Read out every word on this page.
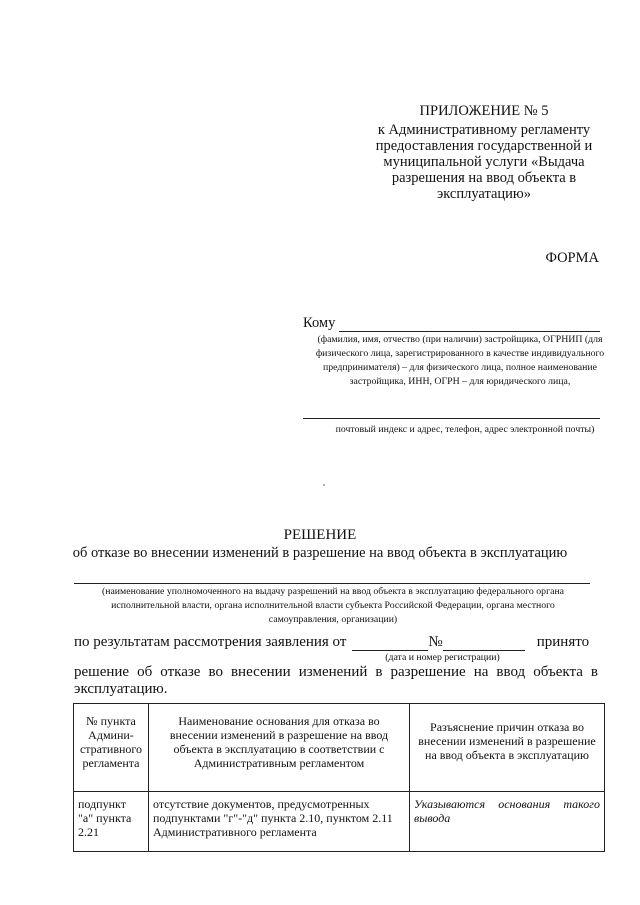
ПРИЛОЖЕНИЕ № 5
к Административному регламенту
предоставления государственной и
муниципальной услуги «Выдача
разрешения на ввод объекта в
эксплуатацию»
ФОРМА
Кому
(фамилия, имя, отчество (при наличии) застройщика, ОГРНИП (для физического лица, зарегистрированного в качестве индивидуального предпринимателя) – для физического лица, полное наименование застройщика, ИНН, ОГРН – для юридического лица,
почтовый индекс и адрес, телефон, адрес электронной почты)
РЕШЕНИЕ
об отказе во внесении изменений в разрешение на ввод объекта в эксплуатацию
(наименование уполномоченного на выдачу разрешений на ввод объекта в эксплуатацию федерального органа исполнительной власти, органа исполнительной власти субъекта Российской Федерации, органа местного самоуправления, организации)
по результатам рассмотрения заявления от	№	принято
(дата и номер регистрации)
решение об отказе во внесении изменений в разрешение на ввод объекта в эксплуатацию.
№ пункта Админи-стративного регламента	Наименование основания для отказа во внесении изменений в разрешение на ввод объекта в эксплуатацию в соответствии с Административным регламентом	Разъяснение причин отказа во внесении изменений в разрешение на ввод объекта в эксплуатацию
подпункт "а" пункта 2.21	отсутствие документов, предусмотренных подпунктами "г"-"д" пункта 2.10, пунктом 2.11 Административного регламента	Указываются основания такого вывода
